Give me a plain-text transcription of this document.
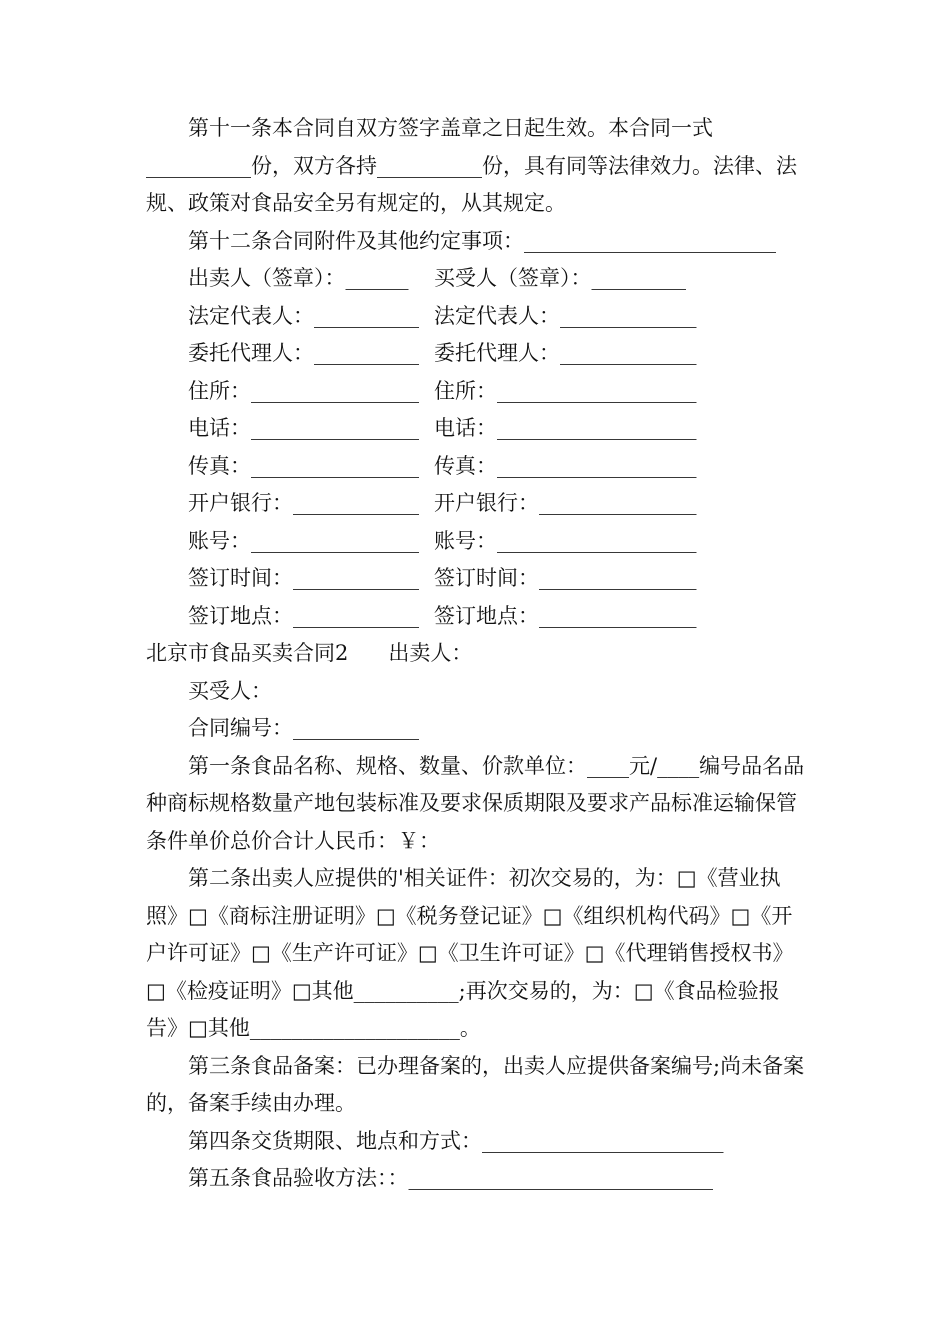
第十一条本合同自双方签字盖章之日起生效。本合同一式__________份，双方各持__________份，具有同等法律效力。法律、法规、政策对食品安全另有规定的，从其规定。

第十二条合同附件及其他约定事项：________________________

出卖人（签章）：______ 买受人（签章）：_________
法定代表人：__________ 法定代表人：_____________
委托代理人：__________ 委托代理人：_____________
住所：________________ 住所：___________________
电话：________________ 电话：___________________
传真：________________ 传真：___________________
开户银行：____________ 开户银行：_______________
账号：________________ 账号：___________________
签订时间：____________ 签订时间：_______________
签订地点：____________ 签订地点：_______________

北京市食品买卖合同2 出卖人：

买受人：

合同编号：____________

第一条食品名称、规格、数量、价款单位：____元/____编号品名品种商标规格数量产地包装标准及要求保质期限及要求产品标准运输保管条件单价总价合计人民币：￥：

第二条出卖人应提供的'相关证件：初次交易的，为：□《营业执照》□《商标注册证明》□《税务登记证》□《组织机构代码》□《开户许可证》□《生产许可证》□《卫生许可证》□《代理销售授权书》□《检疫证明》□其他__________;再次交易的，为：□《食品检验报告》□其他____________________。

第三条食品备案：已办理备案的，出卖人应提供备案编号;尚未备案的，备案手续由办理。

第四条交货期限、地点和方式：_______________________

第五条食品验收方法：：_____________________________
